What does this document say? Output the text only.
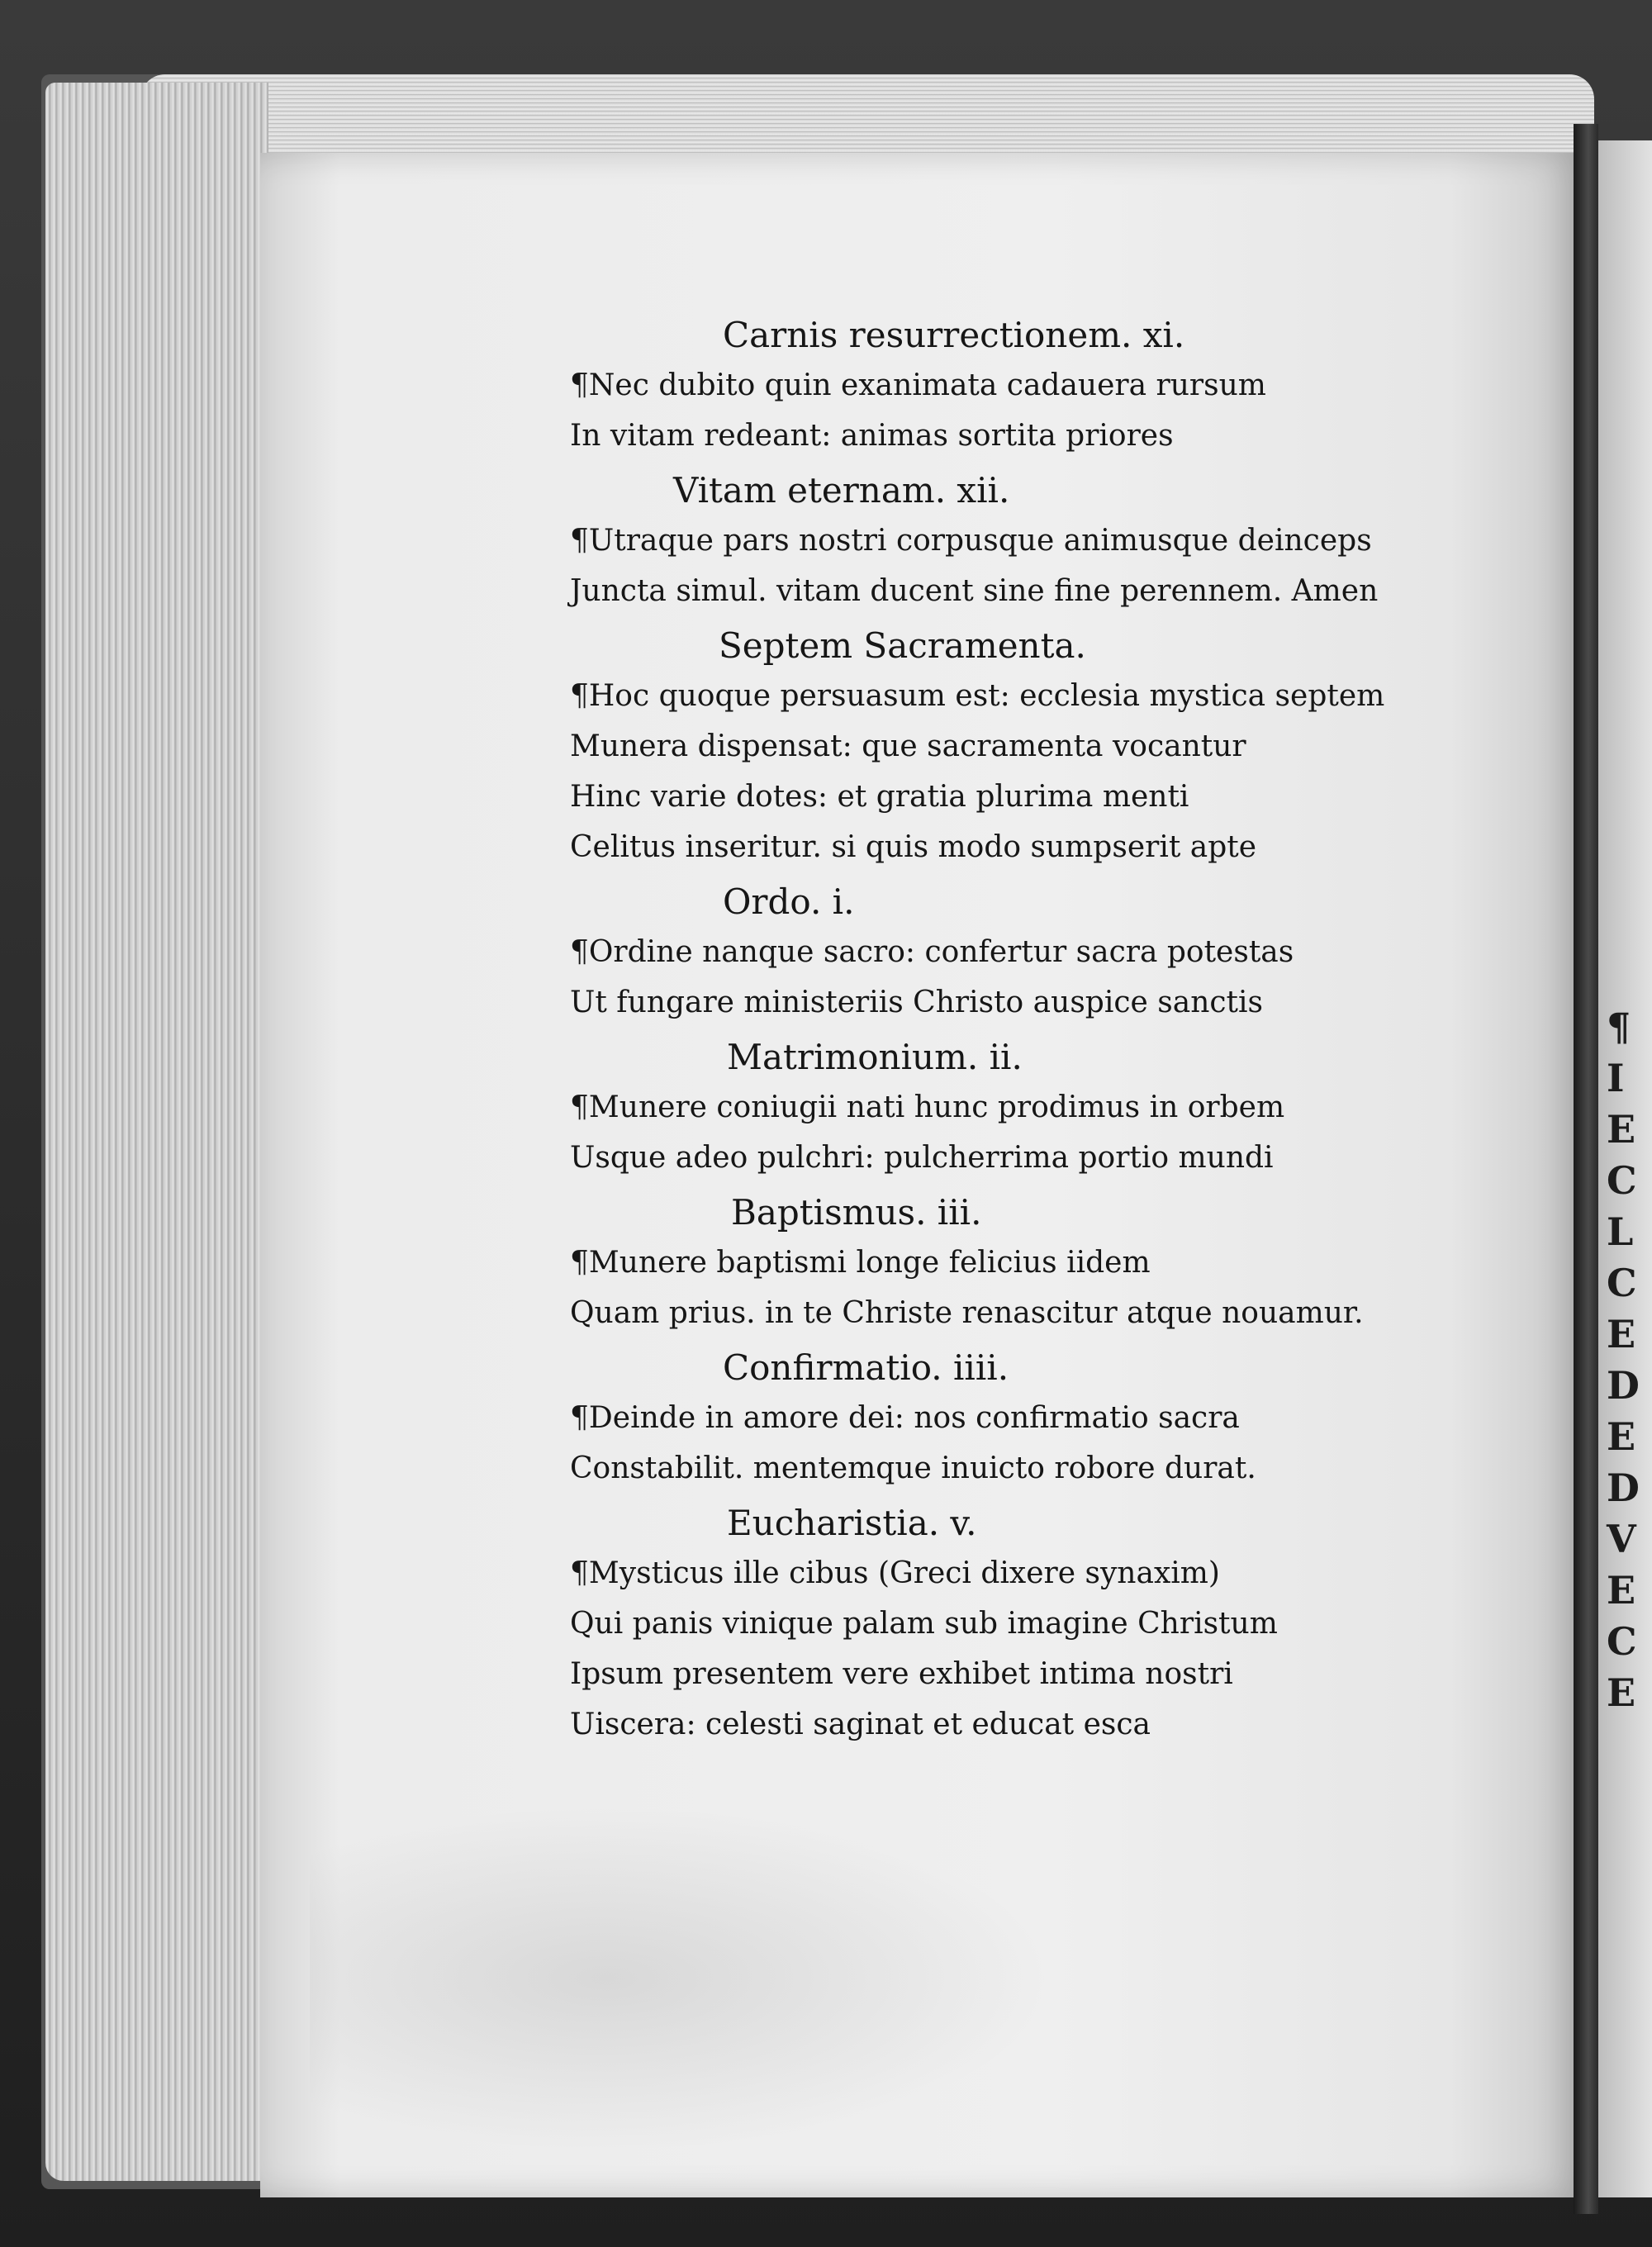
Carnis resurrectionem. xi.
¶Nec dubito quin exanimata cadauera rursum
In vitam redeant: animas sortita priores
Vitam eternam. xii.
¶Utraque pars nostri corpusque animusque deinceps
Juncta simul. vitam ducent sine fine perennem. Amen
Septem Sacramenta.
¶Hoc quoque persuasum est: ecclesia mystica septem
Munera dispensat: que sacramenta vocantur
Hinc varie dotes: et gratia plurima menti
Celitus inseritur. si quis modo sumpserit apte
Ordo. i.
¶Ordine nanque sacro: confertur sacra potestas
Ut fungare ministeriis Christo auspice sanctis
Matrimonium. ii.
¶Munere coniugii nati hunc prodimus in orbem
Usque adeo pulchri: pulcherrima portio mundi
Baptismus. iii.
¶Munere baptismi longe felicius iidem
Quam prius. in te Christe renascitur atque nouamur.
Confirmatio. iiii.
¶Deinde in amore dei: nos confirmatio sacra
Constabilit. mentemque inuicto robore durat.
Eucharistia. v.
¶Mysticus ille cibus (Greci dixere synaxim)
Qui panis vinique palam sub imagine Christum
Ipsum presentem vere exhibet intima nostri
Uiscera: celesti saginat et educat esca
¶
I
E
C
L
C
E
D
E
D
V
E
C
E
